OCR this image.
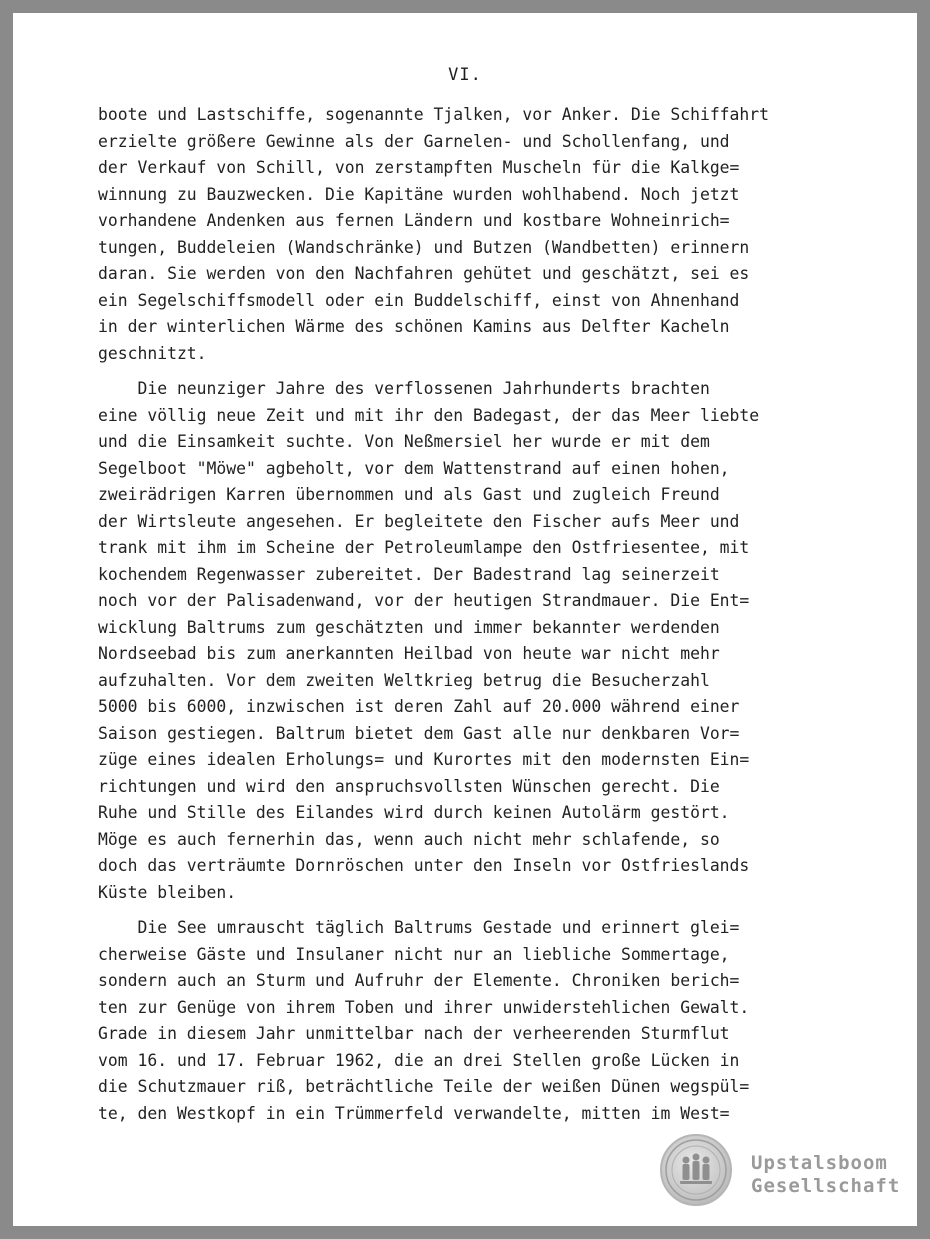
VI.
boote und Lastschiffe, sogenannte Tjalken, vor Anker. Die Schiffahrt
erzielte größere Gewinne als der Garnelen- und Schollenfang, und
der Verkauf von Schill, von zerstampften Muscheln für die Kalkge=
winnung zu Bauzwecken. Die Kapitäne wurden wohlhabend. Noch jetzt
vorhandene Andenken aus fernen Ländern und kostbare Wohneinrich=
tungen, Buddeleien (Wandschränke) und Butzen (Wandbetten) erinnern
daran. Sie werden von den Nachfahren gehütet und geschätzt, sei es
ein Segelschiffsmodell oder ein Buddelschiff, einst von Ahnenhand
in der winterlichen Wärme des schönen Kamins aus Delfter Kacheln
geschnitzt.
Die neunziger Jahre des verflossenen Jahrhunderts brachten
eine völlig neue Zeit und mit ihr den Badegast, der das Meer liebte
und die Einsamkeit suchte. Von Neßmersiel her wurde er mit dem
Segelboot "Möwe" agbeholt, vor dem Wattenstrand auf einen hohen,
zweirädrigen Karren übernommen und als Gast und zugleich Freund
der Wirtsleute angesehen. Er begleitete den Fischer aufs Meer und
trank mit ihm im Scheine der Petroleumlampe den Ostfriesentee, mit
kochendem Regenwasser zubereitet. Der Badestrand lag seinerzeit
noch vor der Palisadenwand, vor der heutigen Strandmauer. Die Ent=
wicklung Baltrums zum geschätzten und immer bekannter werdenden
Nordseebad bis zum anerkannten Heilbad von heute war nicht mehr
aufzuhalten. Vor dem zweiten Weltkrieg betrug die Besucherzahl
5000 bis 6000, inzwischen ist deren Zahl auf 20.000 während einer
Saison gestiegen. Baltrum bietet dem Gast alle nur denkbaren Vor=
züge eines idealen Erholungs= und Kurortes mit den modernsten Ein=
richtungen und wird den anspruchsvollsten Wünschen gerecht. Die
Ruhe und Stille des Eilandes wird durch keinen Autolärm gestört.
Möge es auch fernerhin das, wenn auch nicht mehr schlafende, so
doch das verträumte Dornröschen unter den Inseln vor Ostfrieslands
Küste bleiben.
Die See umrauscht täglich Baltrums Gestade und erinnert glei=
cherweise Gäste und Insulaner nicht nur an liebliche Sommertage,
sondern auch an Sturm und Aufruhr der Elemente. Chroniken berich=
ten zur Genüge von ihrem Toben und ihrer unwiderstehlichen Gewalt.
Grade in diesem Jahr unmittelbar nach der verheerenden Sturmflut
vom 16. und 17. Februar 1962, die an drei Stellen große Lücken in
die Schutzmauer riß, beträchtliche Teile der weißen Dünen wegspül=
te, den Westkopf in ein Trümmerfeld verwandelte, mitten im West=
Upstalsboom
Gesellschaft
